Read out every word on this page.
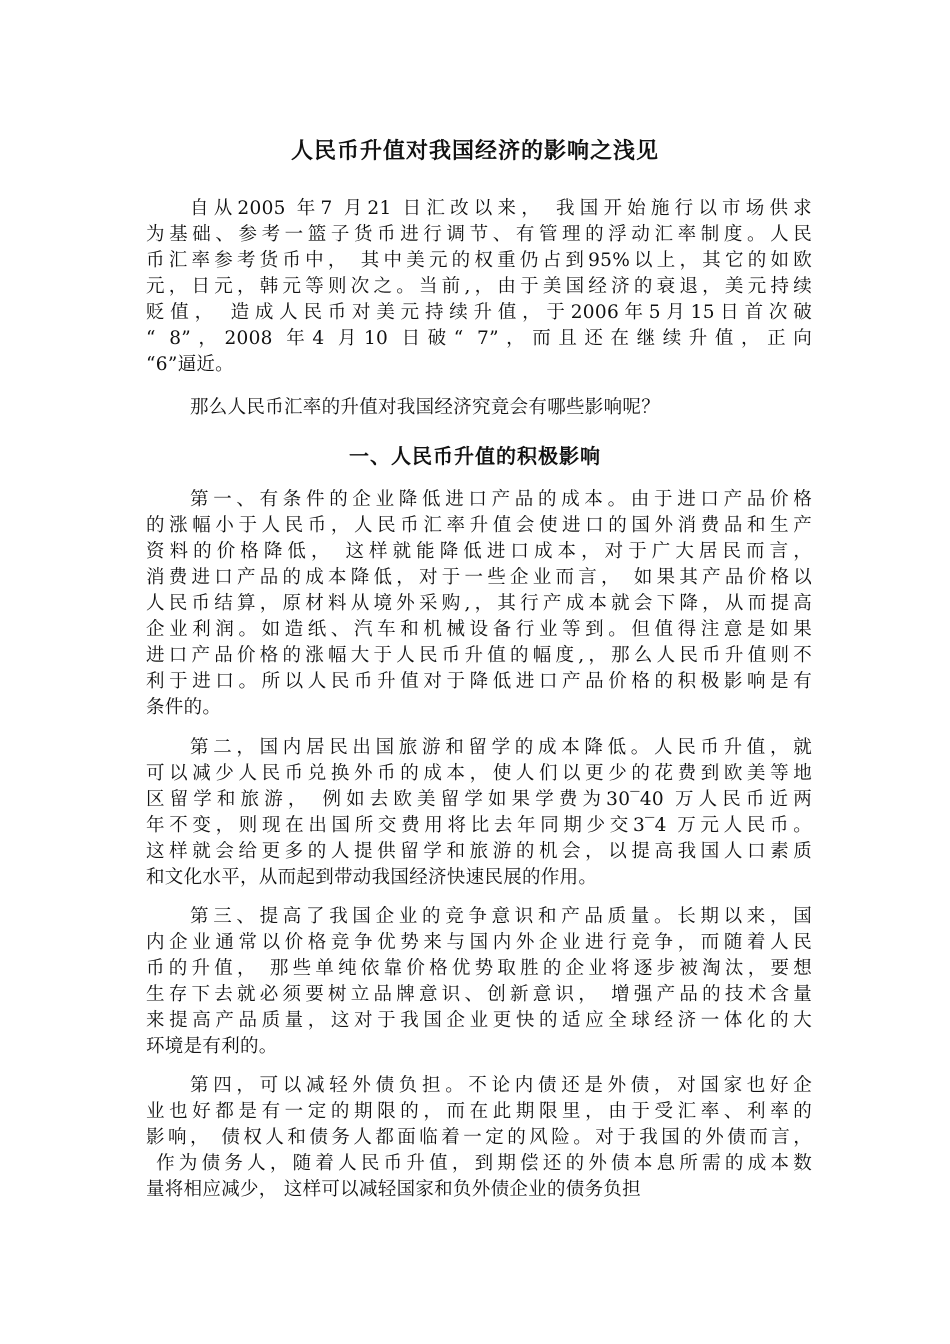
人民币升值对我国经济的影响之浅见
自从2005 年7 月21 日汇改以来， 我国开始施行以市场供求
为基础、参考一篮子货币进行调节、有管理的浮动汇率制度。人民
币汇率参考货币中， 其中美元的权重仍占到95%以上，其它的如欧
元，日元，韩元等则次之。当前,，由于美国经济的衰退，美元持续
贬值， 造成人民币对美元持续升值，于2006年5月15日首次破
“ 8”，2008 年4 月10 日破“ 7”，而且还在继续升值，正向
“6”逼近。
那么人民币汇率的升值对我国经济究竟会有哪些影响呢？
一、人民币升值的积极影响
第一、有条件的企业降低进口产品的成本。由于进口产品价格
的涨幅小于人民币，人民币汇率升值会使进口的国外消费品和生产
资料的价格降低， 这样就能降低进口成本，对于广大居民而言，
消费进口产品的成本降低，对于一些企业而言， 如果其产品价格以
人民币结算，原材料从境外采购,，其行产成本就会下降，从而提高
企业利润。如造纸、汽车和机械设备行业等到。但值得注意是如果
进口产品价格的涨幅大于人民币升值的幅度,，那么人民币升值则不
利于进口。所以人民币升值对于降低进口产品价格的积极影响是有
条件的。
第二，国内居民出国旅游和留学的成本降低。人民币升值，就
可以减少人民币兑换外币的成本，使人们以更少的花费到欧美等地
区留学和旅游， 例如去欧美留学如果学费为30‾40 万人民币近两
年不变，则现在出国所交费用将比去年同期少交3‾4 万元人民币。
这样就会给更多的人提供留学和旅游的机会，以提高我国人口素质
和文化水平，从而起到带动我国经济快速民展的作用。
第三、提高了我国企业的竞争意识和产品质量。长期以来，国
内企业通常以价格竞争优势来与国内外企业进行竞争，而随着人民
币的升值， 那些单纯依靠价格优势取胜的企业将逐步被淘汰，要想
生存下去就必须要树立品牌意识、创新意识， 增强产品的技术含量
来提高产品质量，这对于我国企业更快的适应全球经济一体化的大
环境是有利的。
第四，可以减轻外债负担。不论内债还是外债，对国家也好企
业也好都是有一定的期限的，而在此期限里，由于受汇率、利率的
影响， 债权人和债务人都面临着一定的风险。对于我国的外债而言，
作为债务人，随着人民币升值，到期偿还的外债本息所需的成本数
量将相应减少， 这样可以减轻国家和负外债企业的债务负担
